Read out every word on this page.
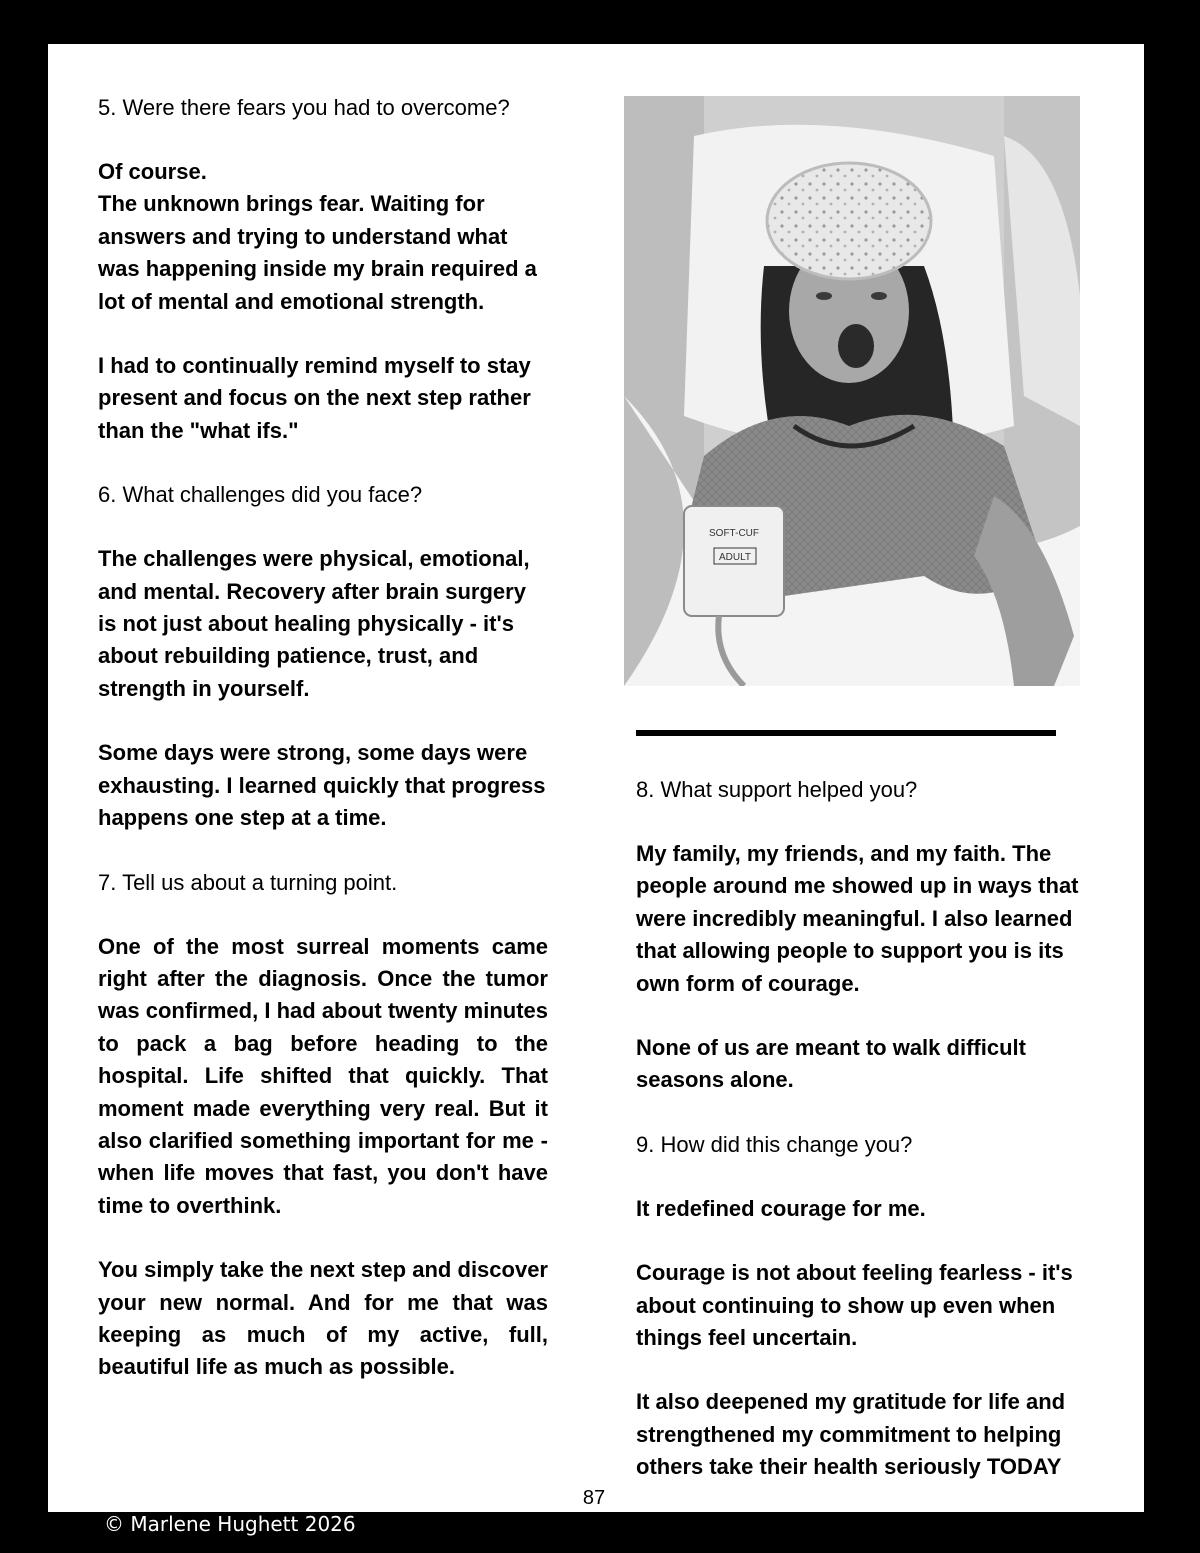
5. Were there fears you had to overcome?

Of course.

The unknown brings fear. Waiting for answers and trying to understand what was happening inside my brain required a lot of mental and emotional strength.

I had to continually remind myself to stay present and focus on the next step rather than the "what ifs."

6. What challenges did you face?

The challenges were physical, emotional, and mental. Recovery after brain surgery is not just about healing physically - it's about rebuilding patience, trust, and strength in yourself.

Some days were strong, some days were exhausting. I learned quickly that progress happens one step at a time.

7. Tell us about a turning point.

One of the most surreal moments came right after the diagnosis. Once the tumor was confirmed, I had about twenty minutes to pack a bag before heading to the hospital. Life shifted that quickly. That moment made everything very real. But it also clarified something important for me - when life moves that fast, you don't have time to overthink.

You simply take the next step and discover your new normal. And for me that was keeping as much of my active, full, beautiful life as much as possible.

SOFT-CUF
ADULT

8. What support helped you?

My family, my friends, and my faith. The people around me showed up in ways that were incredibly meaningful. I also learned that allowing people to support you is its own form of courage.

None of us are meant to walk difficult seasons alone.

9. How did this change you?

It redefined courage for me.

Courage is not about feeling fearless - it's about continuing to show up even when things feel uncertain.

It also deepened my gratitude for life and strengthened my commitment to helping others take their health seriously TODAY

87
© Marlene Hughett 2026
